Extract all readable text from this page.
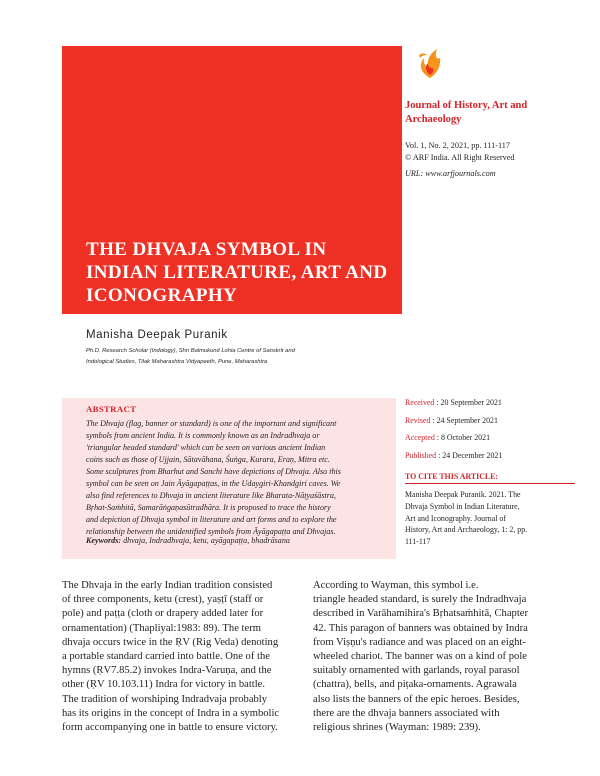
THE DHVAJA SYMBOL IN
INDIAN LITERATURE, ART AND
ICONOGRAPHY
Journal of History, Art and Archaeology
Vol. 1, No. 2, 2021, pp. 111-117
© ARF India. All Right Reserved
URL: www.arfjournals.com
Manisha Deepak Puranik
Ph.D. Research Scholar (Indology), Shri Balmukund Lohia Centre of Sanskrit and
Indological Studies, Tilak Maharashtra Vidyapeeth, Pune, Maharashtra
ABSTRACT
The Dhvaja (flag, banner or standard) is one of the important and significant
symbols from ancient India. It is commonly known as an Indradhvaja or
'triangular headed standard' which can be seen on various ancient Indian
coins such as those of Ujjain, Sātavāhana, Śuṅga, Kurara, Eraṇ, Mitra etc.
Some sculptures from Bharhut and Sanchi have depictions of Dhvaja. Also this
symbol can be seen on Jain Āyāgapaṭṭas, in the Udaygiri-Khandgiri caves. We
also find references to Dhvaja in ancient literature like Bharata-Nāṭyaśāstra,
Bṛhat-Saṁhitā, Samarāṅgaṇasūtradhāra. It is proposed to trace the history
and depiction of Dhvaja symbol in literature and art forms and to explore the
relationship between the unidentified symbols from Āyāgapaṭṭa and Dhvajas.
Keywords: dhvaja, Indradhvaja, ketu, ayāgapaṭṭa, bhadrāsana
Received : 20 September 2021
Revised : 24 September 2021
Accepted : 8 October 2021
Published : 24 December 2021
TO CITE THIS ARTICLE:
Manisha Deepak Puranik. 2021. The
Dhvaja Symbol in Indian Literature,
Art and Iconography. Journal of
History, Art and Archaeology, 1: 2, pp.
111-117
The Dhvaja in the early Indian tradition consisted
of three components, ketu (crest), yaṣṭī (staff or
pole) and paṭṭa (cloth or drapery added later for
ornamentation) (Thapliyal:1983: 89). The term
dhvaja occurs twice in the ṚV (Rig Veda) denoting
a portable standard carried into battle. One of the
hymns (ṚV7.85.2) invokes Indra-Varuṇa, and the
other (ṚV 10.103.11) Indra for victory in battle.
The tradition of worshiping Indradvaja probably
has its origins in the concept of Indra in a symbolic
form accompanying one in battle to ensure victory.
According to Wayman, this symbol i.e.
triangle headed standard, is surely the Indradhvaja
described in Varāhamihira's Bṛhatsaṁhitā, Chapter
42. This paragon of banners was obtained by Indra
from Viṣṇu's radiance and was placed on an eight-
wheeled chariot. The banner was on a kind of pole
suitably ornamented with garlands, royal parasol
(chattra), bells, and piṭaka-ornaments. Agrawala
also lists the banners of the epic heroes. Besides,
there are the dhvaja banners associated with
religious shrines (Wayman: 1989: 239).
